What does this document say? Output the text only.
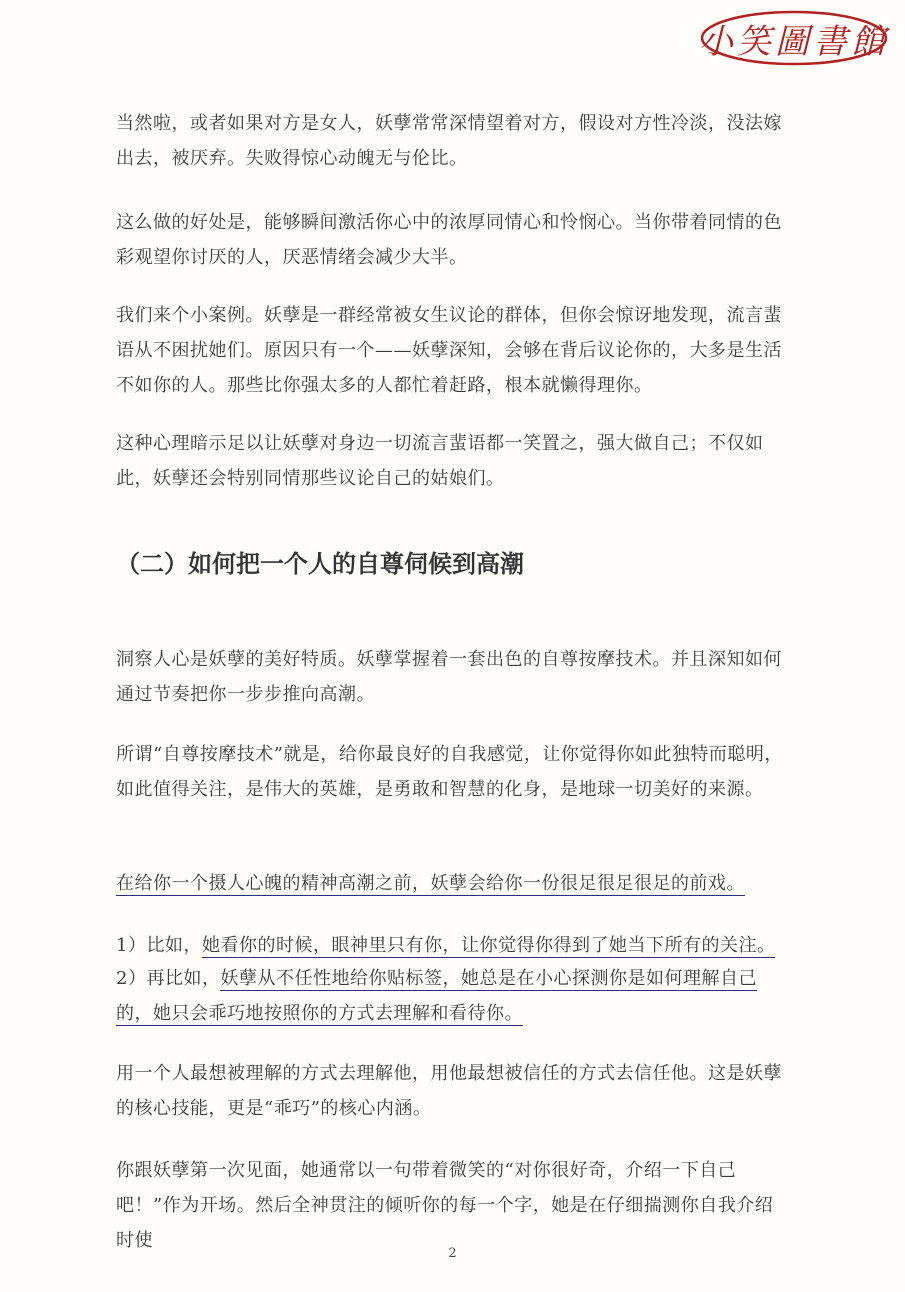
小笑圖書館

当然啦，或者如果对方是女人，妖孽常常深情望着对方，假设对方性冷淡，没法嫁出去，被厌弃。失败得惊心动魄无与伦比。

这么做的好处是，能够瞬间激活你心中的浓厚同情心和怜悯心。当你带着同情的色彩观望你讨厌的人，厌恶情绪会减少大半。

我们来个小案例。妖孽是一群经常被女生议论的群体，但你会惊讶地发现，流言蜚语从不困扰她们。原因只有一个——妖孽深知，会够在背后议论你的，大多是生活不如你的人。那些比你强太多的人都忙着赶路，根本就懒得理你。

这种心理暗示足以让妖孽对身边一切流言蜚语都一笑置之，强大做自己；不仅如此，妖孽还会特别同情那些议论自己的姑娘们。

（二）如何把一个人的自尊伺候到高潮

洞察人心是妖孽的美好特质。妖孽掌握着一套出色的自尊按摩技术。并且深知如何通过节奏把你一步步推向高潮。

所谓“自尊按摩技术”就是，给你最良好的自我感觉，让你觉得你如此独特而聪明，如此值得关注，是伟大的英雄，是勇敢和智慧的化身，是地球一切美好的来源。

在给你一个摄人心魄的精神高潮之前，妖孽会给你一份很足很足很足的前戏。

1）比如，她看你的时候，眼神里只有你，让你觉得你得到了她当下所有的关注。

2）再比如，妖孽从不任性地给你贴标签，她总是在小心探测你是如何理解自己的，她只会乖巧地按照你的方式去理解和看待你。

用一个人最想被理解的方式去理解他，用他最想被信任的方式去信任他。这是妖孽的核心技能，更是“乖巧”的核心内涵。

你跟妖孽第一次见面，她通常以一句带着微笑的“对你很好奇，介绍一下自己吧！”作为开场。然后全神贯注的倾听你的每一个字，她是在仔细揣测你自我介绍时使

2
